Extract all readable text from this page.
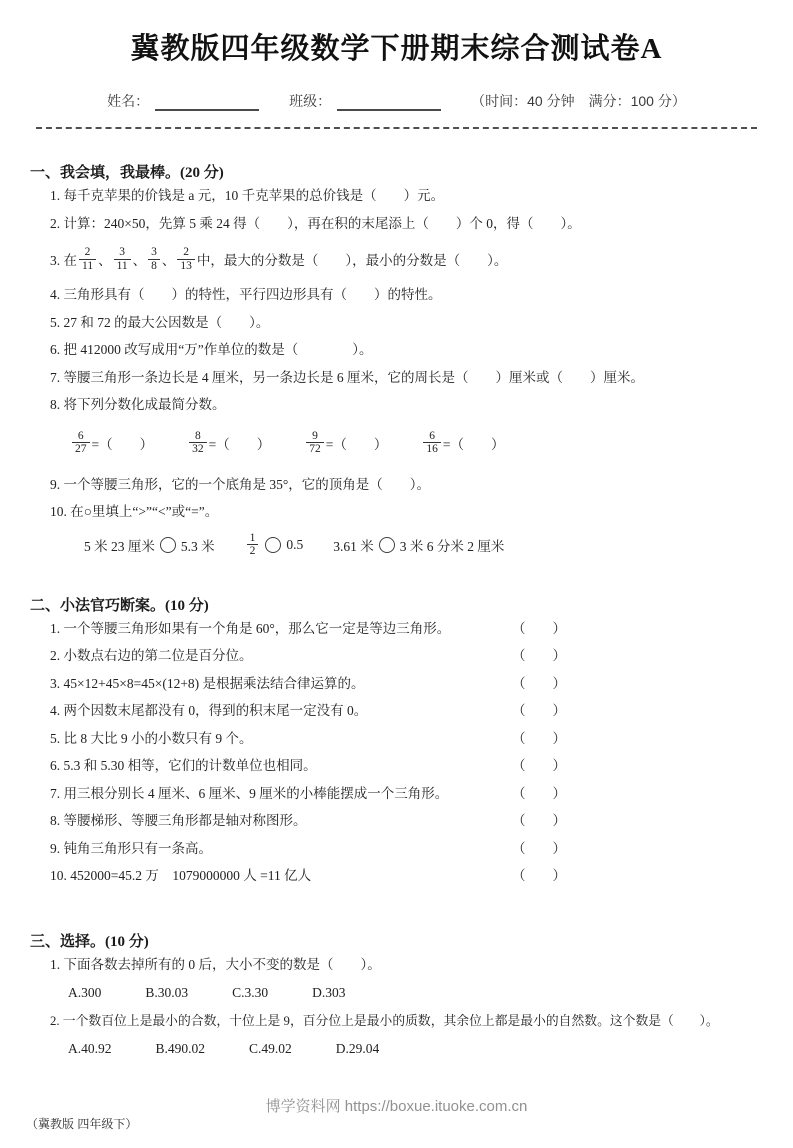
冀教版四年级数学下册期末综合测试卷A
姓名：	班级：	（时间：40 分钟　满分：100 分）
一、我会填，我最棒。(20 分)
1. 每千克苹果的价钱是 a 元，10 千克苹果的总价钱是（　　）元。
2. 计算：240×50，先算 5 乘 24 得（　　），再在积的末尾添上（　　）个 0，得（　　）。
3. 在 $\frac{2}{11}$ 、 $\frac{3}{11}$ 、 $\frac{3}{8}$ 、 $\frac{2}{13}$ 中，最大的分数是（　　），最小的分数是（　　）。
4. 三角形具有（　　）的特性，平行四边形具有（　　）的特性。
5. 27 和 72 的最大公因数是（　　）。
6. 把 412000 改写成用“万”作单位的数是（　　　　）。
7. 等腰三角形一条边长是 4 厘米，另一条边长是 6 厘米，它的周长是（　　）厘米或（　　）厘米。
8. 将下列分数化成最简分数。
$\frac{6}{27}$ =（　　）	$\frac{8}{32}$ =（　　）	$\frac{9}{72}$ =（　　）	$\frac{6}{16}$ =（　　）
9. 一个等腰三角形，它的一个底角是 35°，它的顶角是（　　）。
10. 在○里填上“>”“<”或“=”。
5 米 23 厘米 5.3 米	$\frac{1}{2} 0.5$ 3.61 米 3 米 6 分米 2 厘米
二、小法官巧断案。(10 分)
1. 一个等腰三角形如果有一个角是 60°，那么它一定是等边三角形。	（　　）
2. 小数点右边的第二位是百分位。	（　　）
3. 45×12+45×8=45×(12+8) 是根据乘法结合律运算的。	（　　）
4. 两个因数末尾都没有 0，得到的积末尾一定没有 0。	（　　）
5. 比 8 大比 9 小的小数只有 9 个。	（　　）
6. 5.3 和 5.30 相等，它们的计数单位也相同。	（　　）
7. 用三根分别长 4 厘米、6 厘米、9 厘米的小棒能摆成一个三角形。	（　　）
8. 等腰梯形、等腰三角形都是轴对称图形。	（　　）
9. 钝角三角形只有一条高。	（　　）
10. 452000=45.2 万　1079000000 人 =11 亿人	（　　）
三、选择。(10 分)
1. 下面各数去掉所有的 0 后，大小不变的数是（　　）。
A.300	B.30.03	C.3.30	D.303
2. 一个数百位上是最小的合数，十位上是 9，百分位上是最小的质数，其余位上都是最小的自然数。这个数是（　　）。
A.40.92	B.490.02	C.49.02	D.29.04
博学资料网 https://boxue.ituoke.com.cn
（冀教版 四年级下）
